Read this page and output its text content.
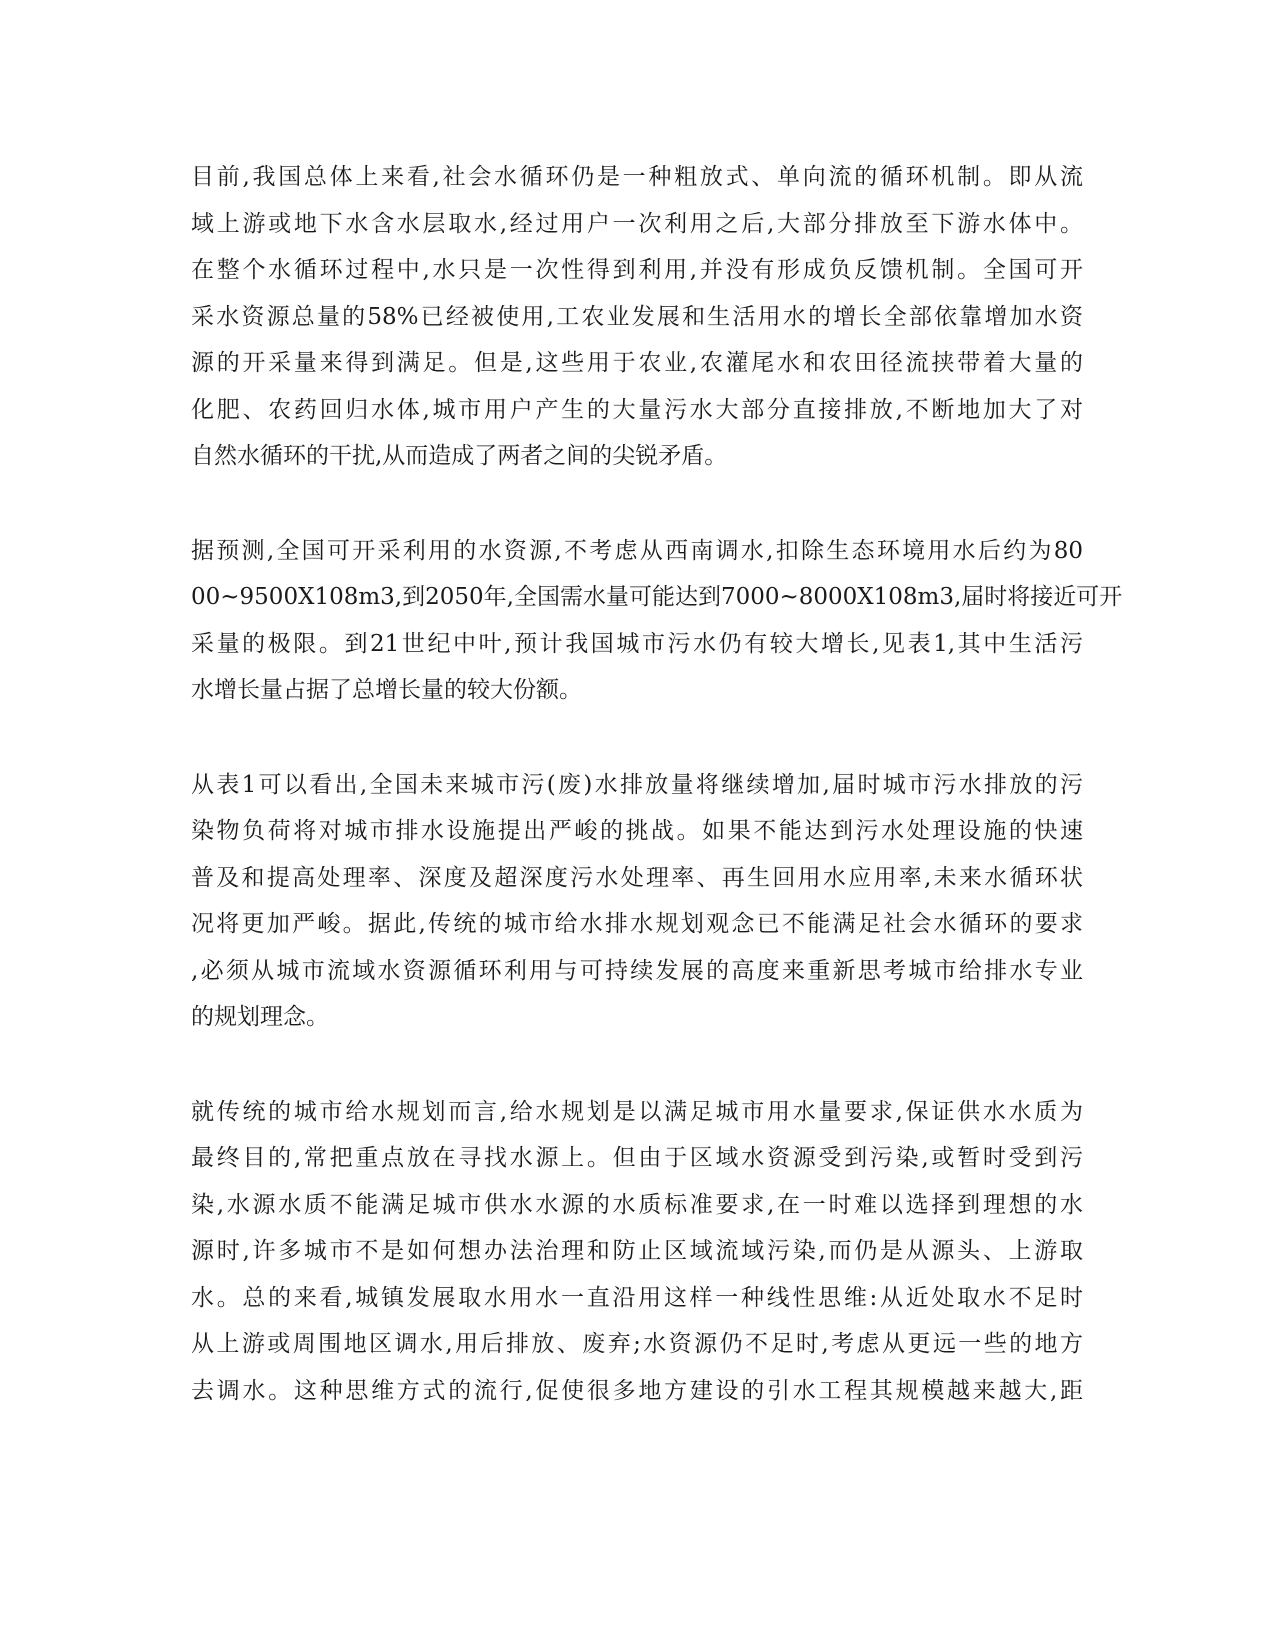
目前,我国总体上来看,社会水循环仍是一种粗放式、单向流的循环机制。即从流
域上游或地下水含水层取水,经过用户一次利用之后,大部分排放至下游水体中。
在整个水循环过程中,水只是一次性得到利用,并没有形成负反馈机制。全国可开
采水资源总量的58%已经被使用,工农业发展和生活用水的增长全部依靠增加水资
源的开采量来得到满足。但是,这些用于农业,农灌尾水和农田径流挟带着大量的
化肥、农药回归水体,城市用户产生的大量污水大部分直接排放,不断地加大了对
自然水循环的干扰,从而造成了两者之间的尖锐矛盾。

据预测,全国可开采利用的水资源,不考虑从西南调水,扣除生态环境用水后约为80
00~9500X108m3,到2050年,全国需水量可能达到7000~8000X108m3,届时将接近可开
采量的极限。到21世纪中叶,预计我国城市污水仍有较大增长,见表1,其中生活污
水增长量占据了总增长量的较大份额。

从表1可以看出,全国未来城市污(废)水排放量将继续增加,届时城市污水排放的污
染物负荷将对城市排水设施提出严峻的挑战。如果不能达到污水处理设施的快速
普及和提高处理率、深度及超深度污水处理率、再生回用水应用率,未来水循环状
况将更加严峻。据此,传统的城市给水排水规划观念已不能满足社会水循环的要求
,必须从城市流域水资源循环利用与可持续发展的高度来重新思考城市给排水专业
的规划理念。

就传统的城市给水规划而言,给水规划是以满足城市用水量要求,保证供水水质为
最终目的,常把重点放在寻找水源上。但由于区域水资源受到污染,或暂时受到污
染,水源水质不能满足城市供水水源的水质标准要求,在一时难以选择到理想的水
源时,许多城市不是如何想办法治理和防止区域流域污染,而仍是从源头、上游取
水。总的来看,城镇发展取水用水一直沿用这样一种线性思维:从近处取水不足时
从上游或周围地区调水,用后排放、废弃;水资源仍不足时,考虑从更远一些的地方
去调水。这种思维方式的流行,促使很多地方建设的引水工程其规模越来越大,距
